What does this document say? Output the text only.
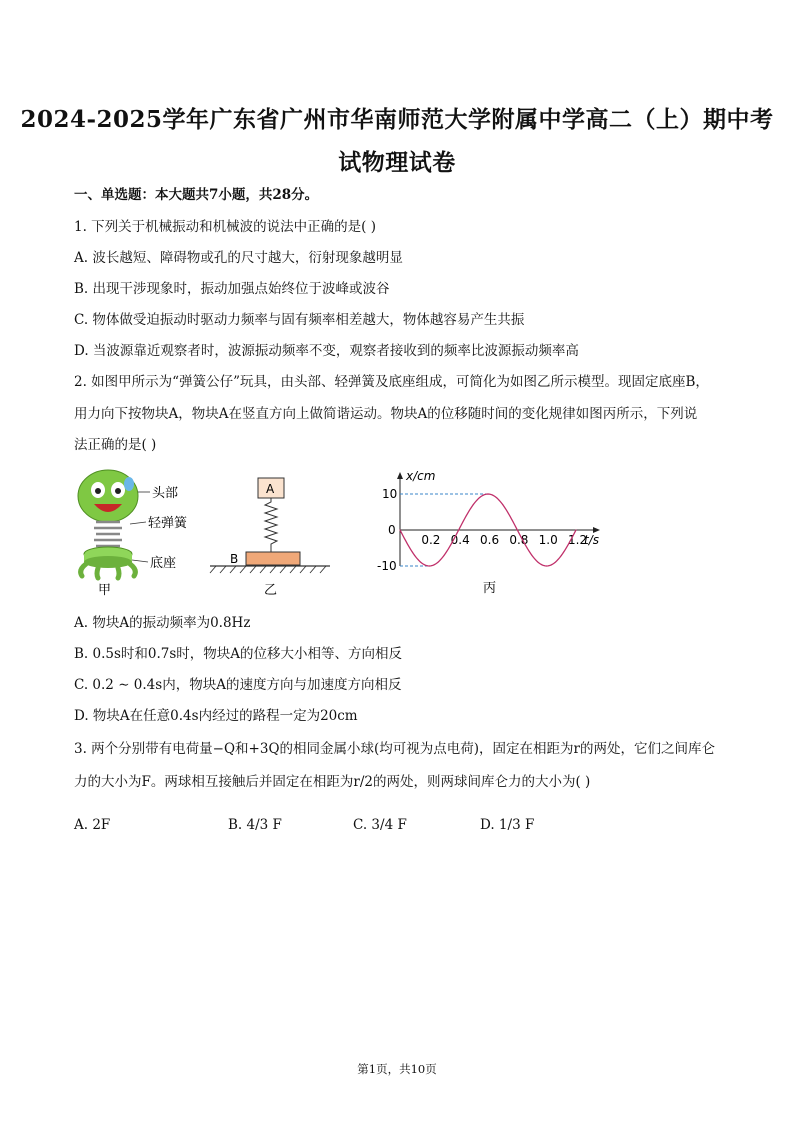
2024-2025学年广东省广州市华南师范大学附属中学高二（上）期中考
试物理试卷
一、单选题：本大题共7小题，共28分。
1. 下列关于机械振动和机械波的说法中正确的是( )
A. 波长越短、障碍物或孔的尺寸越大，衍射现象越明显
B. 出现干涉现象时，振动加强点始终位于波峰或波谷
C. 物体做受迫振动时驱动力频率与固有频率相差越大，物体越容易产生共振
D. 当波源靠近观察者时，波源振动频率不变，观察者接收到的频率比波源振动频率高
2. 如图甲所示为“弹簧公仔”玩具，由头部、轻弹簧及底座组成，可简化为如图乙所示模型。现固定底座B，
用力向下按物块A，物块A在竖直方向上做简谐运动。物块A的位移随时间的变化规律如图丙所示，下列说
法正确的是( )
头部
轻弹簧
底座
甲
A
B
乙
x/cm
t/s
10
0
-10
0.2 0.4 0.6 0.8 1.0 1.2
丙
A. 物块A的振动频率为0.8Hz
B. 0.5s时和0.7s时，物块A的位移大小相等、方向相反
C. 0.2 ∼ 0.4s内，物块A的速度方向与加速度方向相反
D. 物块A在任意0.4s内经过的路程一定为20cm
3. 两个分别带有电荷量−Q和+3Q的相同金属小球(均可视为点电荷)，固定在相距为r的两处，它们之间库仑
力的大小为F。两球相互接触后并固定在相距为r/2的两处，则两球间库仑力的大小为( )
A. 2F	B. 4/3 F	C. 3/4 F	D. 1/3 F
第1页，共10页
